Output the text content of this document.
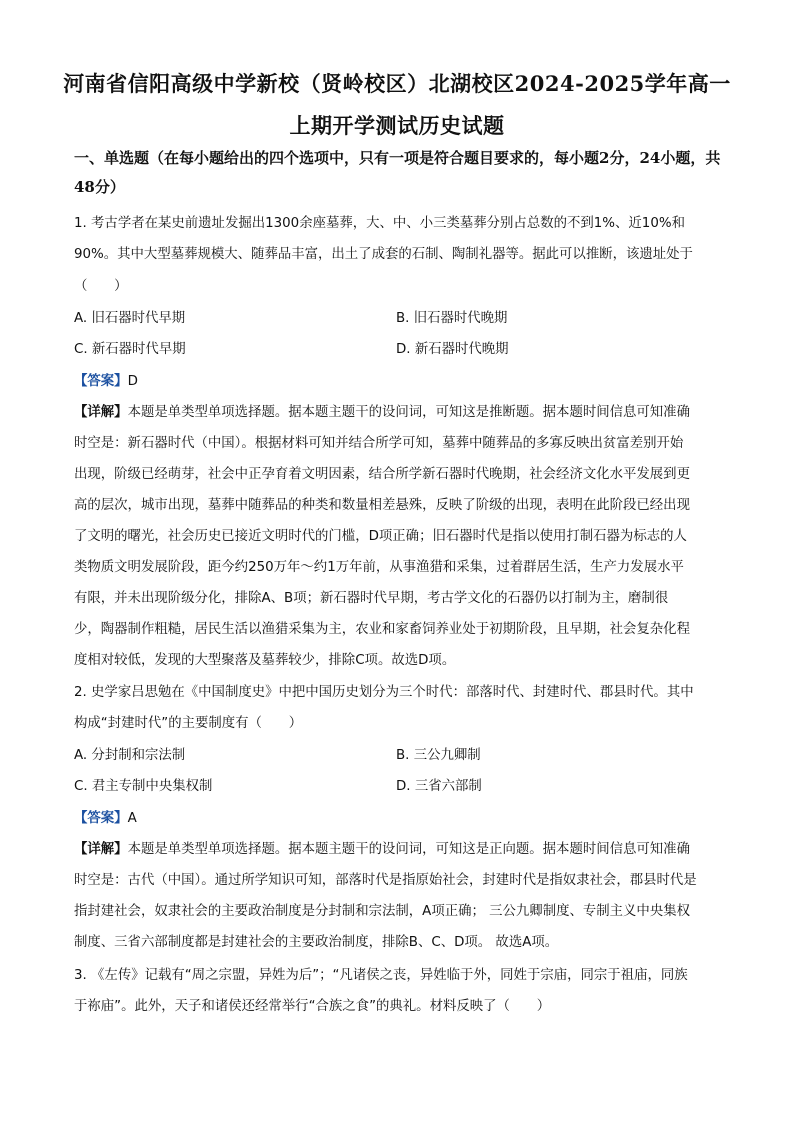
河南省信阳高级中学新校（贤岭校区）北湖校区2024-2025学年高一
上期开学测试历史试题
一、单选题（在每小题给出的四个选项中，只有一项是符合题目要求的，每小题2分，24小题，共48分）
1. 考古学者在某史前遗址发掘出1300余座墓葬，大、中、小三类墓葬分别占总数的不到1%、近10%和
90%。其中大型墓葬规模大、随葬品丰富，出土了成套的石制、陶制礼器等。据此可以推断，该遗址处于
（　　）
A. 旧石器时代早期	B. 旧石器时代晚期
C. 新石器时代早期	D. 新石器时代晚期
【答案】D
【详解】本题是单类型单项选择题。据本题主题干的设问词，可知这是推断题。据本题时间信息可知准确
时空是：新石器时代（中国）。根据材料可知并结合所学可知，墓葬中随葬品的多寡反映出贫富差别开始
出现，阶级已经萌芽，社会中正孕育着文明因素，结合所学新石器时代晚期，社会经济文化水平发展到更
高的层次，城市出现，墓葬中随葬品的种类和数量相差悬殊，反映了阶级的出现，表明在此阶段已经出现
了文明的曙光，社会历史已接近文明时代的门槛，D项正确；旧石器时代是指以使用打制石器为标志的人
类物质文明发展阶段，距今约250万年～约1万年前，从事渔猎和采集，过着群居生活，生产力发展水平
有限，并未出现阶级分化，排除A、B项；新石器时代早期，考古学文化的石器仍以打制为主，磨制很
少，陶器制作粗糙，居民生活以渔猎采集为主，农业和家畜饲养业处于初期阶段，且早期，社会复杂化程
度相对较低，发现的大型聚落及墓葬较少，排除C项。故选D项。
2. 史学家吕思勉在《中国制度史》中把中国历史划分为三个时代：部落时代、封建时代、郡县时代。其中
构成“封建时代”的主要制度有（　　）
A. 分封制和宗法制	B. 三公九卿制
C. 君主专制中央集权制	D. 三省六部制
【答案】A
【详解】本题是单类型单项选择题。据本题主题干的设问词，可知这是正向题。据本题时间信息可知准确
时空是：古代（中国）。通过所学知识可知，部落时代是指原始社会，封建时代是指奴隶社会，郡县时代是
指封建社会，奴隶社会的主要政治制度是分封制和宗法制，A项正确； 三公九卿制度、专制主义中央集权
制度、三省六部制度都是封建社会的主要政治制度，排除B、C、D项。 故选A项。
3. 《左传》记载有“周之宗盟，异姓为后”；“凡诸侯之丧，异姓临于外，同姓于宗庙，同宗于祖庙，同族
于祢庙”。此外，天子和诸侯还经常举行“合族之食”的典礼。材料反映了（　　）
